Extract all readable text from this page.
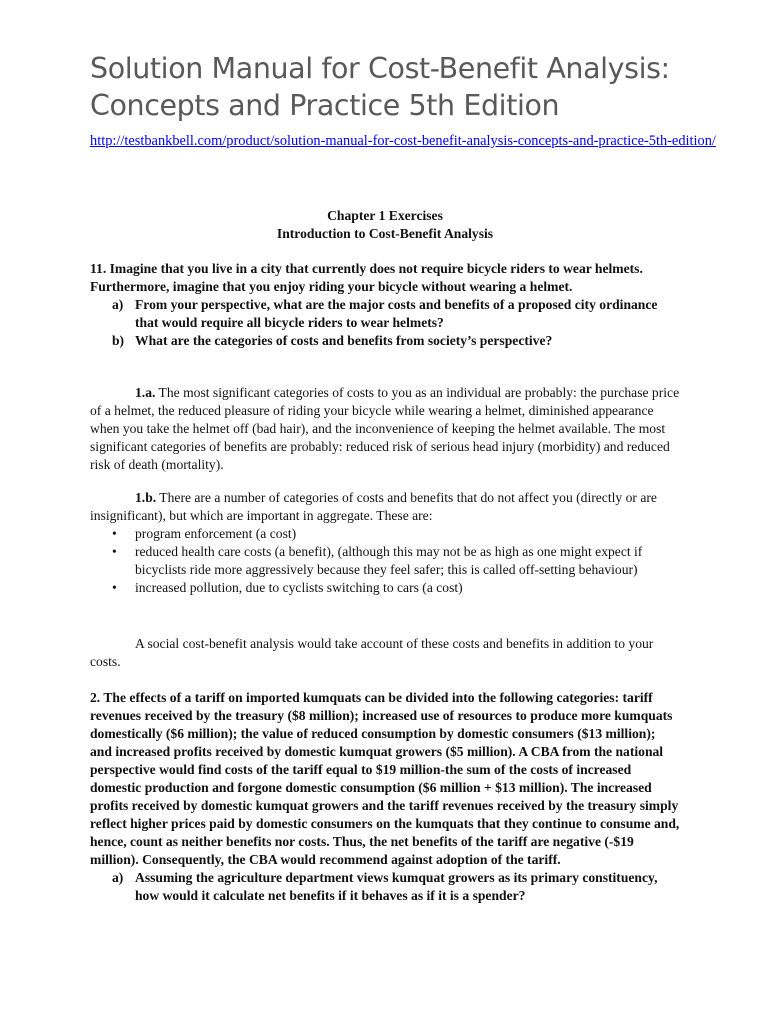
Solution Manual for Cost-Benefit Analysis: Concepts and Practice 5th Edition
http://testbankbell.com/product/solution-manual-for-cost-benefit-analysis-concepts-and-practice-5th-edition/
Chapter 1 Exercises
Introduction to Cost-Benefit Analysis

11. Imagine that you live in a city that currently does not require bicycle riders to wear helmets. Furthermore, imagine that you enjoy riding your bicycle without wearing a helmet.

a) From your perspective, what are the major costs and benefits of a proposed city ordinance that would require all bicycle riders to wear helmets?
b) What are the categories of costs and benefits from society’s perspective?

1.a. The most significant categories of costs to you as an individual are probably: the purchase price of a helmet, the reduced pleasure of riding your bicycle while wearing a helmet, diminished appearance when you take the helmet off (bad hair), and the inconvenience of keeping the helmet available. The most significant categories of benefits are probably: reduced risk of serious head injury (morbidity) and reduced risk of death (mortality).

1.b. There are a number of categories of costs and benefits that do not affect you (directly or are insignificant), but which are important in aggregate. These are:

• program enforcement (a cost)
• reduced health care costs (a benefit), (although this may not be as high as one might expect if bicyclists ride more aggressively because they feel safer; this is called off-setting behaviour)
• increased pollution, due to cyclists switching to cars (a cost)

A social cost-benefit analysis would take account of these costs and benefits in addition to your costs.

2. The effects of a tariff on imported kumquats can be divided into the following categories: tariff revenues received by the treasury ($8 million); increased use of resources to produce more kumquats domestically ($6 million); the value of reduced consumption by domestic consumers ($13 million); and increased profits received by domestic kumquat growers ($5 million). A CBA from the national perspective would find costs of the tariff equal to $19 million-the sum of the costs of increased domestic production and forgone domestic consumption ($6 million + $13 million). The increased profits received by domestic kumquat growers and the tariff revenues received by the treasury simply reflect higher prices paid by domestic consumers on the kumquats that they continue to consume and, hence, count as neither benefits nor costs. Thus, the net benefits of the tariff are negative (-$19 million). Consequently, the CBA would recommend against adoption of the tariff.

a) Assuming the agriculture department views kumquat growers as its primary constituency, how would it calculate net benefits if it behaves as if it is a spender?
